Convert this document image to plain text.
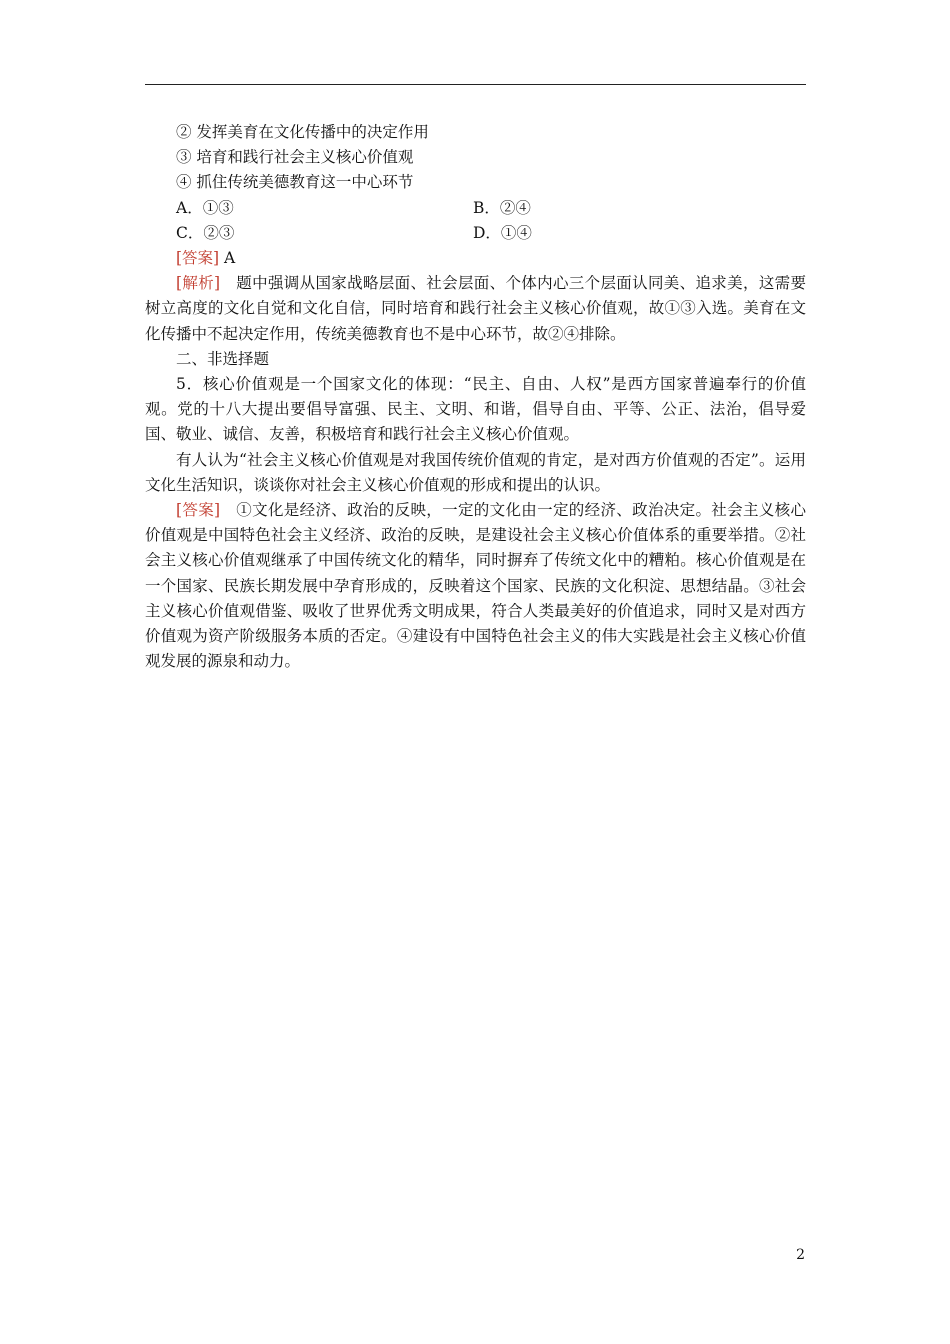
② 发挥美育在文化传播中的决定作用
③ 培育和践行社会主义核心价值观
④ 抓住传统美德教育这一中心环节
A．①③	B．②④
C．②③	D．①④
[答案] A
[解析]　题中强调从国家战略层面、社会层面、个体内心三个层面认同美、追求美，这需要树立高度的文化自觉和文化自信，同时培育和践行社会主义核心价值观，故①③入选。美育在文化传播中不起决定作用，传统美德教育也不是中心环节，故②④排除。
二、非选择题
5．核心价值观是一个国家文化的体现：“民主、自由、人权”是西方国家普遍奉行的价值观。党的十八大提出要倡导富强、民主、文明、和谐，倡导自由、平等、公正、法治，倡导爱国、敬业、诚信、友善，积极培育和践行社会主义核心价值观。
有人认为“社会主义核心价值观是对我国传统价值观的肯定，是对西方价值观的否定”。运用文化生活知识，谈谈你对社会主义核心价值观的形成和提出的认识。
[答案]　①文化是经济、政治的反映，一定的文化由一定的经济、政治决定。社会主义核心价值观是中国特色社会主义经济、政治的反映，是建设社会主义核心价值体系的重要举措。②社会主义核心价值观继承了中国传统文化的精华，同时摒弃了传统文化中的糟粕。核心价值观是在一个国家、民族长期发展中孕育形成的，反映着这个国家、民族的文化积淀、思想结晶。③社会主义核心价值观借鉴、吸收了世界优秀文明成果，符合人类最美好的价值追求，同时又是对西方价值观为资产阶级服务本质的否定。④建设有中国特色社会主义的伟大实践是社会主义核心价值观发展的源泉和动力。
2
